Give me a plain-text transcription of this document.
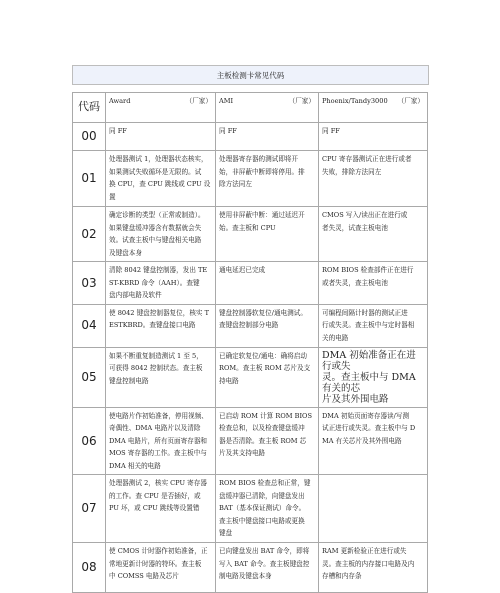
主板检测卡常见代码
代码	Award （厂家）	AMI （厂家）	Phoenix/Tandy3000 （厂家）

00	同 FF	同 FF	同 FF
01	处理器测试 1，处理器状态核实，
如果测试失败循环是无限的。试
换 CPU，查 CPU 跳线或 CPU 设
置	处理器寄存器的测试即将开
始，非屏蔽中断即将停用。排
除方法同左	CPU 寄存器测试正在进行或者
失败，排除方法同左
02	确定诊断的类型（正常或制造）。
如果键盘缓冲器含有数据就会失
效。试查主板中与键盘相关电路
及键盘本身	使用非屏蔽中断：通过延迟开
始。查主板和 CPU	CMOS 写入/读出正在进行或
者失灵，试查主板电池
03	清除 8042 键盘控制器，发出 TE
ST-KBRD 命令（AAH）。查键
盘内部电路及软件	通电延迟已完成	ROM BIOS 检查部件正在进行
或者失灵，查主板电池
04	使 8042 键盘控制器复位，核实 T
ESTKBRD。查键盘接口电路	键盘控制器软复位/通电测试。
查键盘控制部分电路	可编程间隔计时器的测试正进
行或失灵。查主板中与定时器相
关的电路
05	如果不断重复制造测试 1 至 5，
可获得 8042 控制状态。查主板
键盘控制电路	已确定软复位/通电：确将启动
ROM。查主板 ROM 芯片及支
持电路	DMA 初始准备正在进行或失
灵。查主板中与 DMA 有关的芯
片及其外围电路
06	使电路片作初始准备，停用视频、
奇偶性、DMA 电路片以及清除
DMA 电路片，所有页面寄存器和
MOS 寄存器的工作。查主板中与
DMA 相关的电路	已启动 ROM 计算 ROM BIOS
检查总和，以及检查键盘缓冲
器是否清除。查主板 ROM 芯
片及其支持电路	DMA 初始页面寄存器读/写测
试正进行或失灵。查主板中与 D
MA 有关芯片及其外围电路
07	处理器测试 2，核实 CPU 寄存器
的工作。查 CPU 是否插好，或
PU 坏，或 CPU 跳线等设置错	ROM BIOS 检查总和正常，键
盘缓冲器已清除，向键盘发出
BAT（基本保证测试）命令。
查主板中键盘接口电路或更换
键盘	
08	使 CMOS 计时器作初始准备，正
常地更新计时器的特环。查主板
中 COMSS 电路及芯片	已向键盘发出 BAT 命令，即将
写入 BAT 命令。查主板键盘控
制电路及键盘本身	RAM 更新检验正在进行或失
灵。查主板的内存接口电路及内
存槽和内存条
